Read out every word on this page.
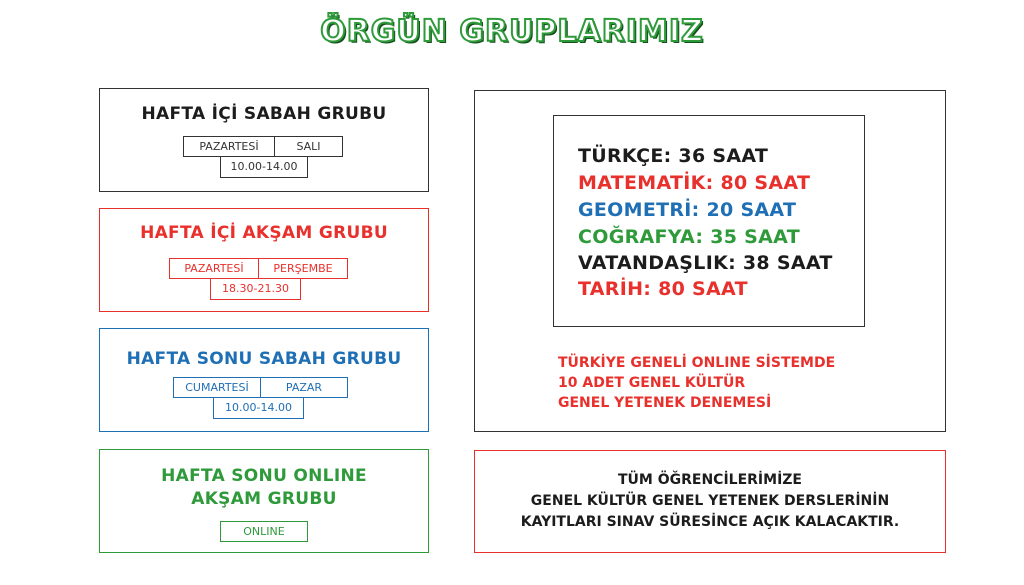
ÖRGÜN GRUPLARIMIZ
HAFTA İÇİ SABAH GRUBU
PAZARTESİ	SALI
10.00-14.00
HAFTA İÇİ AKŞAM GRUBU
PAZARTESİ	PERŞEMBE
18.30-21.30
HAFTA SONU SABAH GRUBU
CUMARTESİ	PAZAR
10.00-14.00
HAFTA SONU ONLINE
AKŞAM GRUBU
ONLINE
TÜRKÇE: 36 SAAT
MATEMATİK: 80 SAAT
GEOMETRİ: 20 SAAT
COĞRAFYA: 35 SAAT
VATANDAŞLIK: 38 SAAT
TARİH: 80 SAAT
TÜRKİYE GENELİ ONLINE SİSTEMDE
10 ADET GENEL KÜLTÜR
GENEL YETENEK DENEMESİ
TÜM ÖĞRENCİLERİMİZE
GENEL KÜLTÜR GENEL YETENEK DERSLERİNİN
KAYITLARI SINAV SÜRESİNCE AÇIK KALACAKTIR.
